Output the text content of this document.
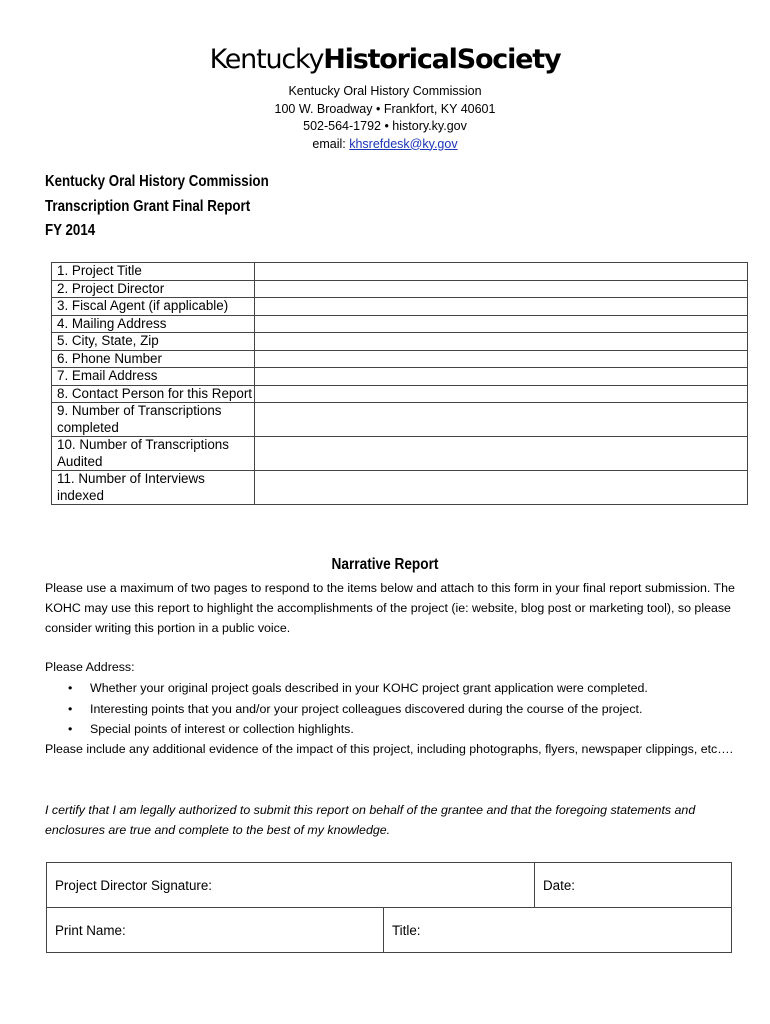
KentuckyHistoricalSociety
Kentucky Oral History Commission
100 W. Broadway • Frankfort, KY 40601
502-564-1792 • history.ky.gov
email: khsrefdesk@ky.gov
Kentucky Oral History Commission
Transcription Grant Final Report
FY 2014
1. Project Title	
2. Project Director	
3. Fiscal Agent (if applicable)	
4. Mailing Address	
5. City, State, Zip	
6. Phone Number	
7. Email Address	
8. Contact Person for this Report	
9. Number of Transcriptions completed	
10. Number of Transcriptions Audited	
11. Number of Interviews indexed	
Narrative Report
Please use a maximum of two pages to respond to the items below and attach to this form in your final report submission. The KOHC may use this report to highlight the accomplishments of the project (ie: website, blog post or marketing tool), so please consider writing this portion in a public voice.
Please Address:
• Whether your original project goals described in your KOHC project grant application were completed.
• Interesting points that you and/or your project colleagues discovered during the course of the project.
• Special points of interest or collection highlights.
Please include any additional evidence of the impact of this project, including photographs, flyers, newspaper clippings, etc….
I certify that I am legally authorized to submit this report on behalf of the grantee and that the foregoing statements and enclosures are true and complete to the best of my knowledge.
Project Director Signature:		Date:
Print Name:	Title:	
